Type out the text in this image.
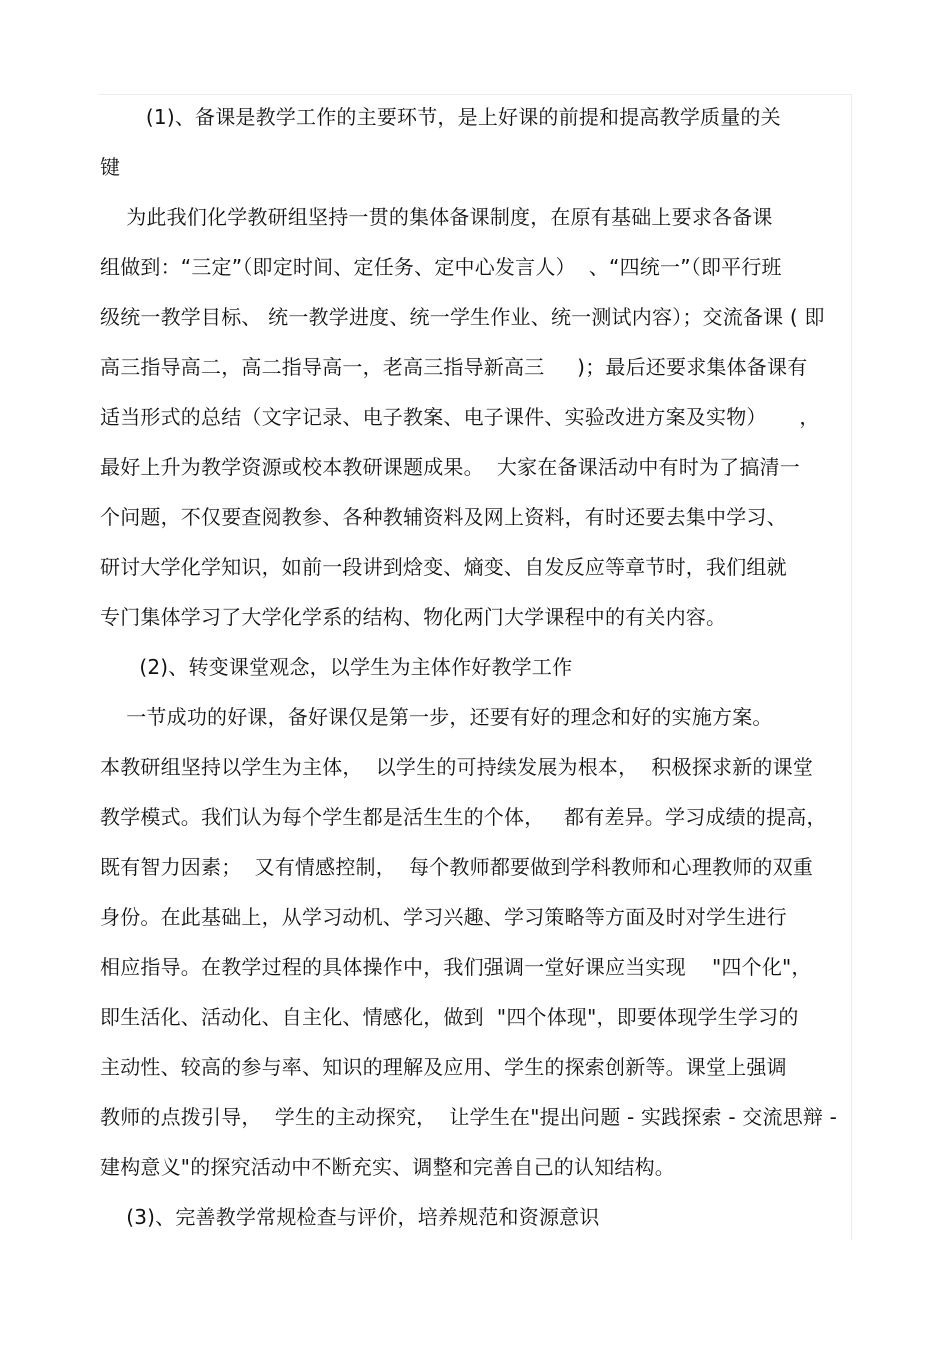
(1)、备课是教学工作的主要环节，是上好课的前提和提高教学质量的关
键
为此我们化学教研组坚持一贯的集体备课制度，在原有基础上要求各备课
组做到：“三定”（即定时间、定任务、定中心发言人）  、“四统一”（即平行班
级统一教学目标、 统一教学进度、统一学生作业、统一测试内容）；交流备课 ( 即
高三指导高二，高二指导高一，老高三指导新高三     )；最后还要求集体备课有
适当形式的总结（文字记录、电子教案、电子课件、实验改进方案及实物）     ，
最好上升为教学资源或校本教研课题成果。  大家在备课活动中有时为了搞清一
个问题，不仅要查阅教参、各种教辅资料及网上资料，有时还要去集中学习、
研讨大学化学知识，如前一段讲到焓变、熵变、自发反应等章节时，我们组就
专门集体学习了大学化学系的结构、物化两门大学课程中的有关内容。
(2)、转变课堂观念，以学生为主体作好教学工作
一节成功的好课，备好课仅是第一步，还要有好的理念和好的实施方案。
本教研组坚持以学生为主体，  以学生的可持续发展为根本，  积极探求新的课堂
教学模式。我们认为每个学生都是活生生的个体，   都有差异。学习成绩的提高，
既有智力因素；  又有情感控制，  每个教师都要做到学科教师和心理教师的双重
身份。在此基础上，从学习动机、学习兴趣、学习策略等方面及时对学生进行
相应指导。在教学过程的具体操作中，我们强调一堂好课应当实现    "四个化"，
即生活化、活动化、自主化、情感化，做到  "四个体现"，即要体现学生学习的
主动性、较高的参与率、知识的理解及应用、学生的探索创新等。课堂上强调
教师的点拨引导，  学生的主动探究，  让学生在"提出问题 - 实践探索 - 交流思辩 -
建构意义"的探究活动中不断充实、调整和完善自己的认知结构。
(3)、完善教学常规检查与评价，培养规范和资源意识
